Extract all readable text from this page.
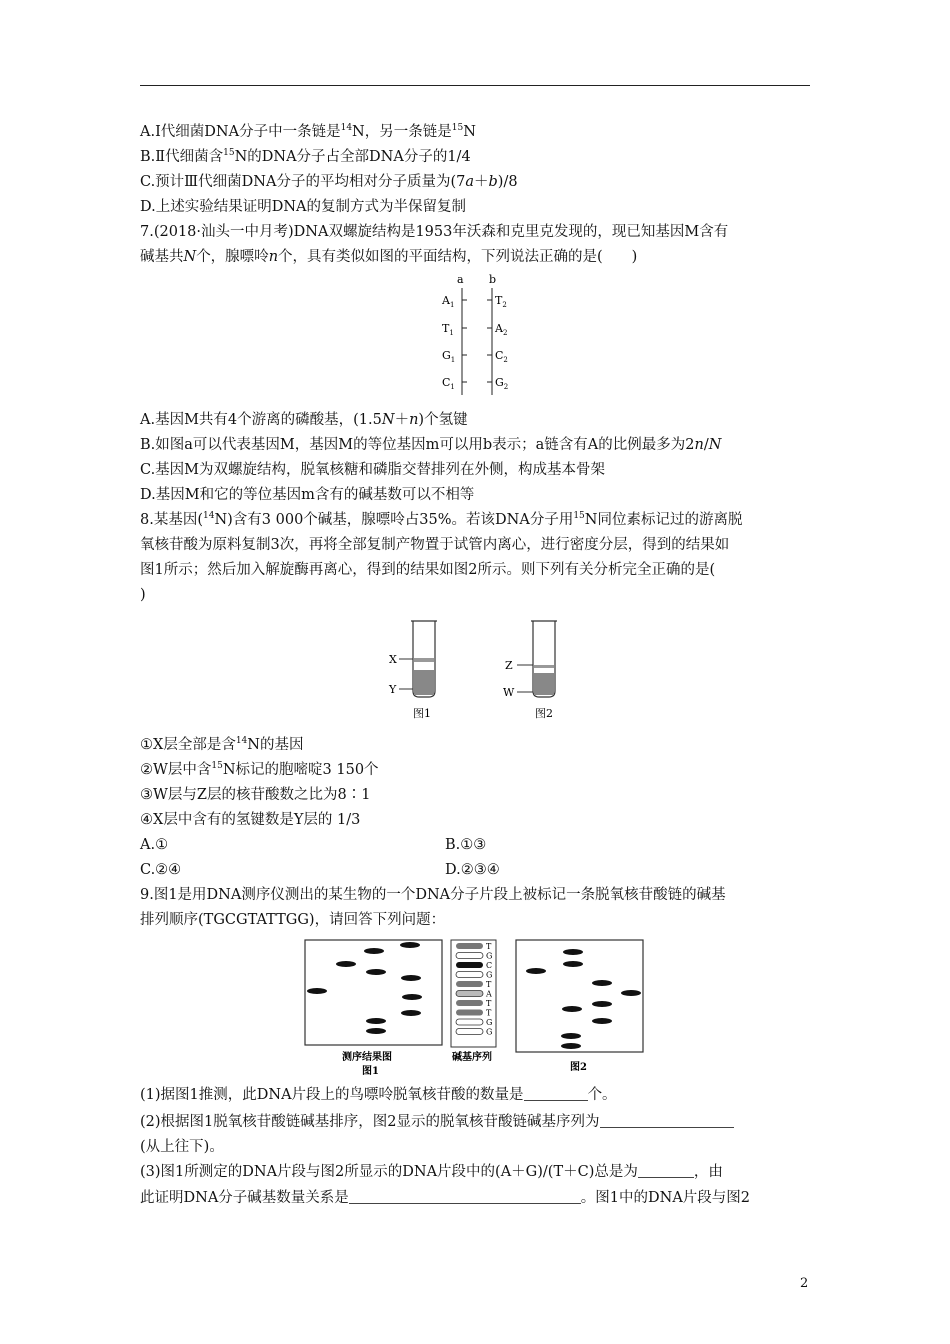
A.Ⅰ代细菌DNA分子中一条链是$^{14}$N，另一条链是$^{15}$N
B.Ⅱ代细菌含$^{15}$N的DNA分子占全部DNA分子的1/4
C.预计Ⅲ代细菌DNA分子的平均相对分子质量为(7a＋b)/8
D.上述实验结果证明DNA的复制方式为半保留复制
7.(2018·汕头一中月考)DNA双螺旋结构是1953年沃森和克里克发现的，现已知基因M含有
碱基共N个，腺嘌呤n个，具有类似如图的平面结构，下列说法正确的是(　　)
a b
$A_1$
$T_1$
$G_1$
$C_1$
$T_2$
$A_2$
$C_2$
$G_2$
A.基因M共有4个游离的磷酸基，(1.5N＋n)个氢键
B.如图a可以代表基因M，基因M的等位基因m可以用b表示；a链含有A的比例最多为2n/N
C.基因M为双螺旋结构，脱氧核糖和磷脂交替排列在外侧，构成基本骨架
D.基因M和它的等位基因m含有的碱基数可以不相等
8.某基因($^{14}$N)含有3 000个碱基，腺嘌呤占35%。若该DNA分子用$^{15}$N同位素标记过的游离脱
氧核苷酸为原料复制3次，再将全部复制产物置于试管内离心，进行密度分层，得到的结果如
图1所示；然后加入解旋酶再离心，得到的结果如图2所示。则下列有关分析完全正确的是(
)
X
Y
图1
Z
W
图2
①X层全部是含$^{14}$N的基因
②W层中含$^{15}$N标记的胞嘧啶3 150个
③W层与Z层的核苷酸数之比为8∶1
④X层中含有的氢键数是Y层的 1/3
A.①	B.①③
C.②④	D.②③④
9.图1是用DNA测序仪测出的某生物的一个DNA分子片段上被标记一条脱氧核苷酸链的碱基
排列顺序(TGCGTATTGG)，请回答下列问题：
测序结果图
图1
T
G
C
G
T
A
T
T
G
G
碱基序列
图2
(1)据图1推测，此DNA片段上的鸟嘌呤脱氧核苷酸的数量是	个。
(2)根据图1脱氧核苷酸链碱基排序，图2显示的脱氧核苷酸链碱基序列为
(从上往下)。
(3)图1所测定的DNA片段与图2所显示的DNA片段中的(A＋G)/(T＋C)总是为	，由
此证明DNA分子碱基数量关系是	。图1中的DNA片段与图2
2
